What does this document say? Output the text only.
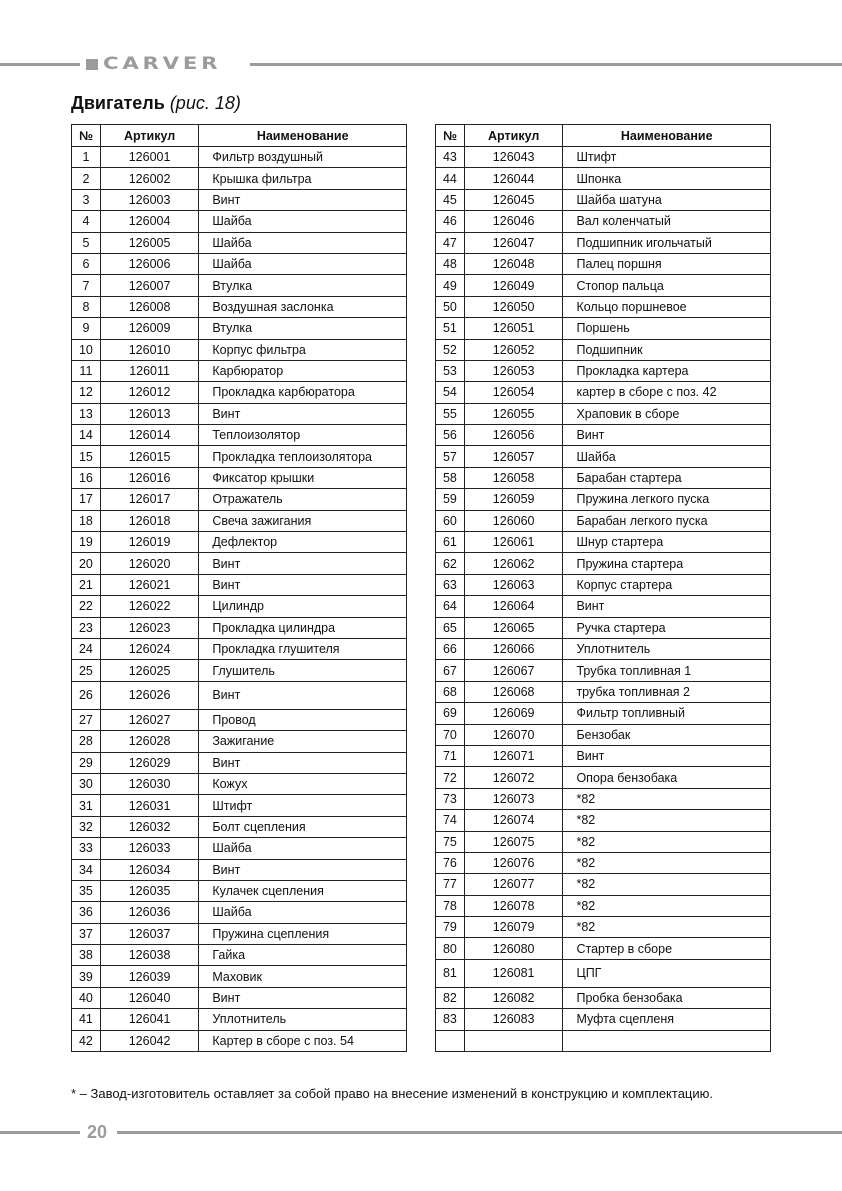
CARVER
Двигатель (рис. 18)
№	Артикул	Наименование
1	126001	Фильтр воздушный
2	126002	Крышка фильтра
3	126003	Винт
4	126004	Шайба
5	126005	Шайба
6	126006	Шайба
7	126007	Втулка
8	126008	Воздушная заслонка
9	126009	Втулка
10	126010	Корпус фильтра
11	126011	Карбюратор
12	126012	Прокладка карбюратора
13	126013	Винт
14	126014	Теплоизолятор
15	126015	Прокладка теплоизолятора
16	126016	Фиксатор крышки
17	126017	Отражатель
18	126018	Свеча зажигания
19	126019	Дефлектор
20	126020	Винт
21	126021	Винт
22	126022	Цилиндр
23	126023	Прокладка цилиндра
24	126024	Прокладка глушителя
25	126025	Глушитель
26	126026	Винт
27	126027	Провод
28	126028	Зажигание
29	126029	Винт
30	126030	Кожух
31	126031	Штифт
32	126032	Болт сцепления
33	126033	Шайба
34	126034	Винт
35	126035	Кулачек сцепления
36	126036	Шайба
37	126037	Пружина сцепления
38	126038	Гайка
39	126039	Маховик
40	126040	Винт
41	126041	Уплотнитель
42	126042	Картер в сборе с поз. 54
№	Артикул	Наименование
43	126043	Штифт
44	126044	Шпонка
45	126045	Шайба шатуна
46	126046	Вал коленчатый
47	126047	Подшипник игольчатый
48	126048	Палец поршня
49	126049	Стопор пальца
50	126050	Кольцо поршневое
51	126051	Поршень
52	126052	Подшипник
53	126053	Прокладка картера
54	126054	картер в сборе с поз. 42
55	126055	Храповик в сборе
56	126056	Винт
57	126057	Шайба
58	126058	Барабан стартера
59	126059	Пружина легкого пуска
60	126060	Барабан легкого пуска
61	126061	Шнур стартера
62	126062	Пружина стартера
63	126063	Корпус стартера
64	126064	Винт
65	126065	Ручка стартера
66	126066	Уплотнитель
67	126067	Трубка топливная 1
68	126068	трубка топливная 2
69	126069	Фильтр топливный
70	126070	Бензобак
71	126071	Винт
72	126072	Опора бензобака
73	126073	*82
74	126074	*82
75	126075	*82
76	126076	*82
77	126077	*82
78	126078	*82
79	126079	*82
80	126080	Стартер в сборе
81	126081	ЦПГ
82	126082	Пробка бензобака
83	126083	Муфта сцепленя

* – Завод-изготовитель оставляет за собой право на внесение изменений в конструкцию и комплектацию.
20
